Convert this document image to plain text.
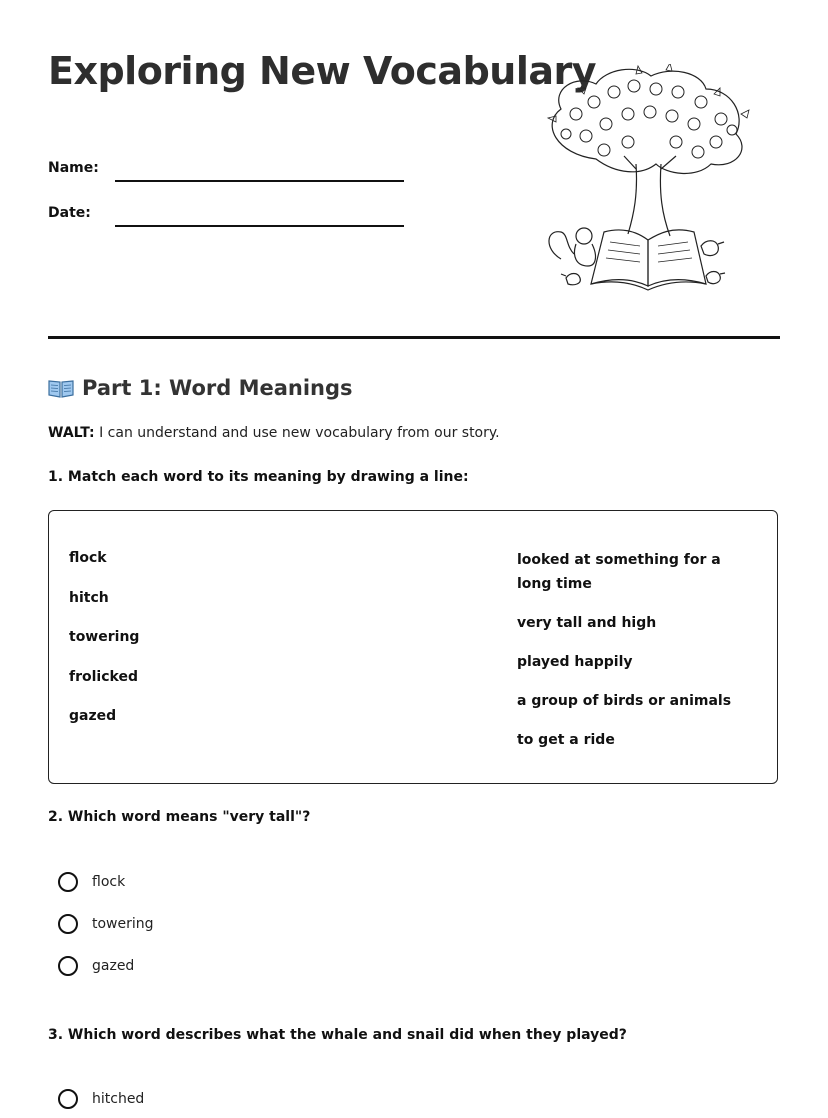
Exploring New Vocabulary
Name:
Date:
Part 1: Word Meanings
WALT: I can understand and use new vocabulary from our story.
1. Match each word to its meaning by drawing a line:
flock
hitch
towering
frolicked
gazed
looked at something for a long time
very tall and high
played happily
a group of birds or animals
to get a ride
2. Which word means "very tall"?
flock
towering
gazed
3. Which word describes what the whale and snail did when they played?
hitched
